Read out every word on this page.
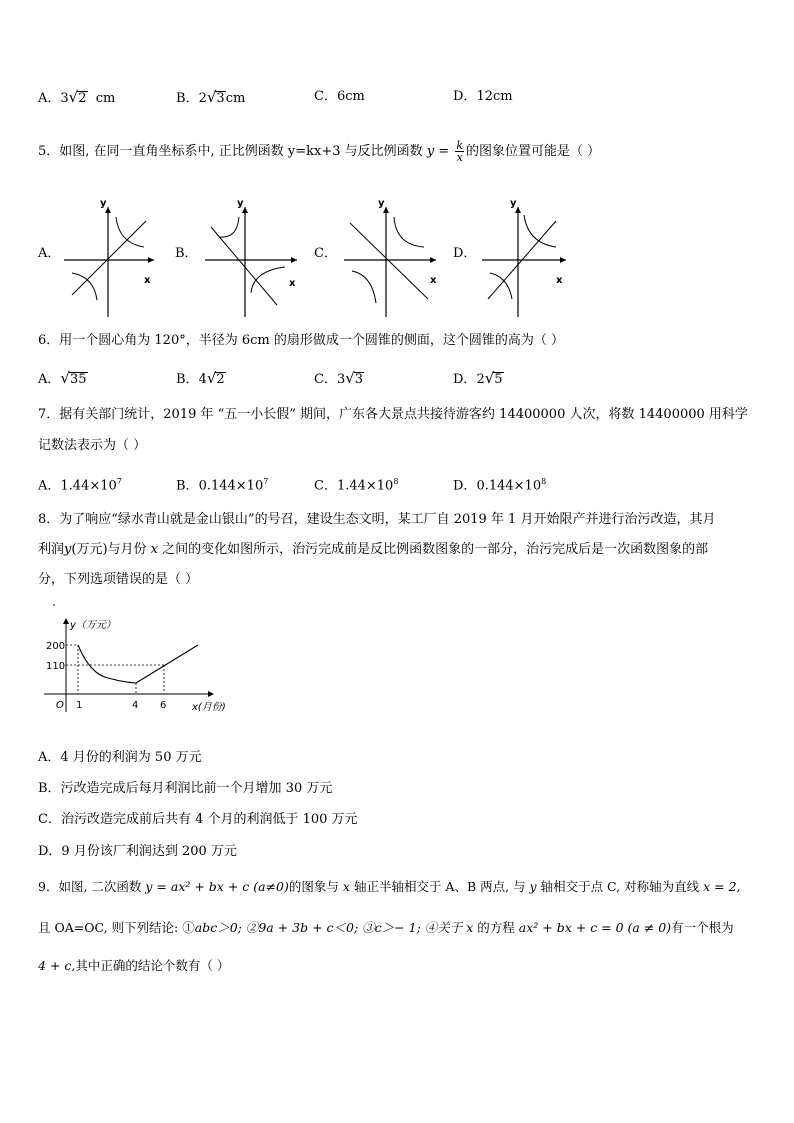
A．3√2 cm	B．2√3cm	C．6cm	D．12cm
5．如图, 在同一直角坐标系中, 正比例函数 y=kx+3 与反比例函数 $y = \frac{k}{x}$ 的图象位置可能是（ ）
A．
y
x
B．
y
x
C．
y
x
D．
y
x
6．用一个圆心角为 120°，半径为 6cm 的扇形做成一个圆锥的侧面，这个圆锥的高为（ ）
A．√35	B．4√2	C．3√3	D．2√5
7．据有关部门统计，2019 年 “五一小长假” 期间，广东各大景点共接待游客约 14400000 人次，将数 14400000 用科学
记数法表示为（ ）
A．$1.44\times 10^7$	B．$0.144\times 10^7$	C．$1.44\times 10^8$	D．$0.144\times 10^8$
8．为了响应“绿水青山就是金山银山”的号召，建设生态文明，某工厂自 2019 年 1 月开始限产并进行治污改造，其月
利润y(万元)与月份 x 之间的变化如图所示，治污完成前是反比例函数图象的一部分，治污完成后是一次函数图象的部
分，下列选项错误的是（ ）
y（万元）
x(月份)
O
200
110
1	4 6
A．4 月份的利润为 50 万元
B．污改造完成后每月利润比前一个月增加 30 万元
C．治污改造完成前后共有 4 个月的利润低于 100 万元
D．9 月份该厂利润达到 200 万元
9．如图, 二次函数 y = ax² + bx + c (a≠0)的图象与 x 轴正半轴相交于 A、B 两点, 与 y 轴相交于点 C, 对称轴为直线 x = 2,
且 OA=OC, 则下列结论: ①abc＞0; ②9a + 3b + c＜0; ③c＞− 1; ④关于 x 的方程 ax² + bx + c = 0 (a ≠ 0)有一个根为
4 + c,其中正确的结论个数有（ ）
